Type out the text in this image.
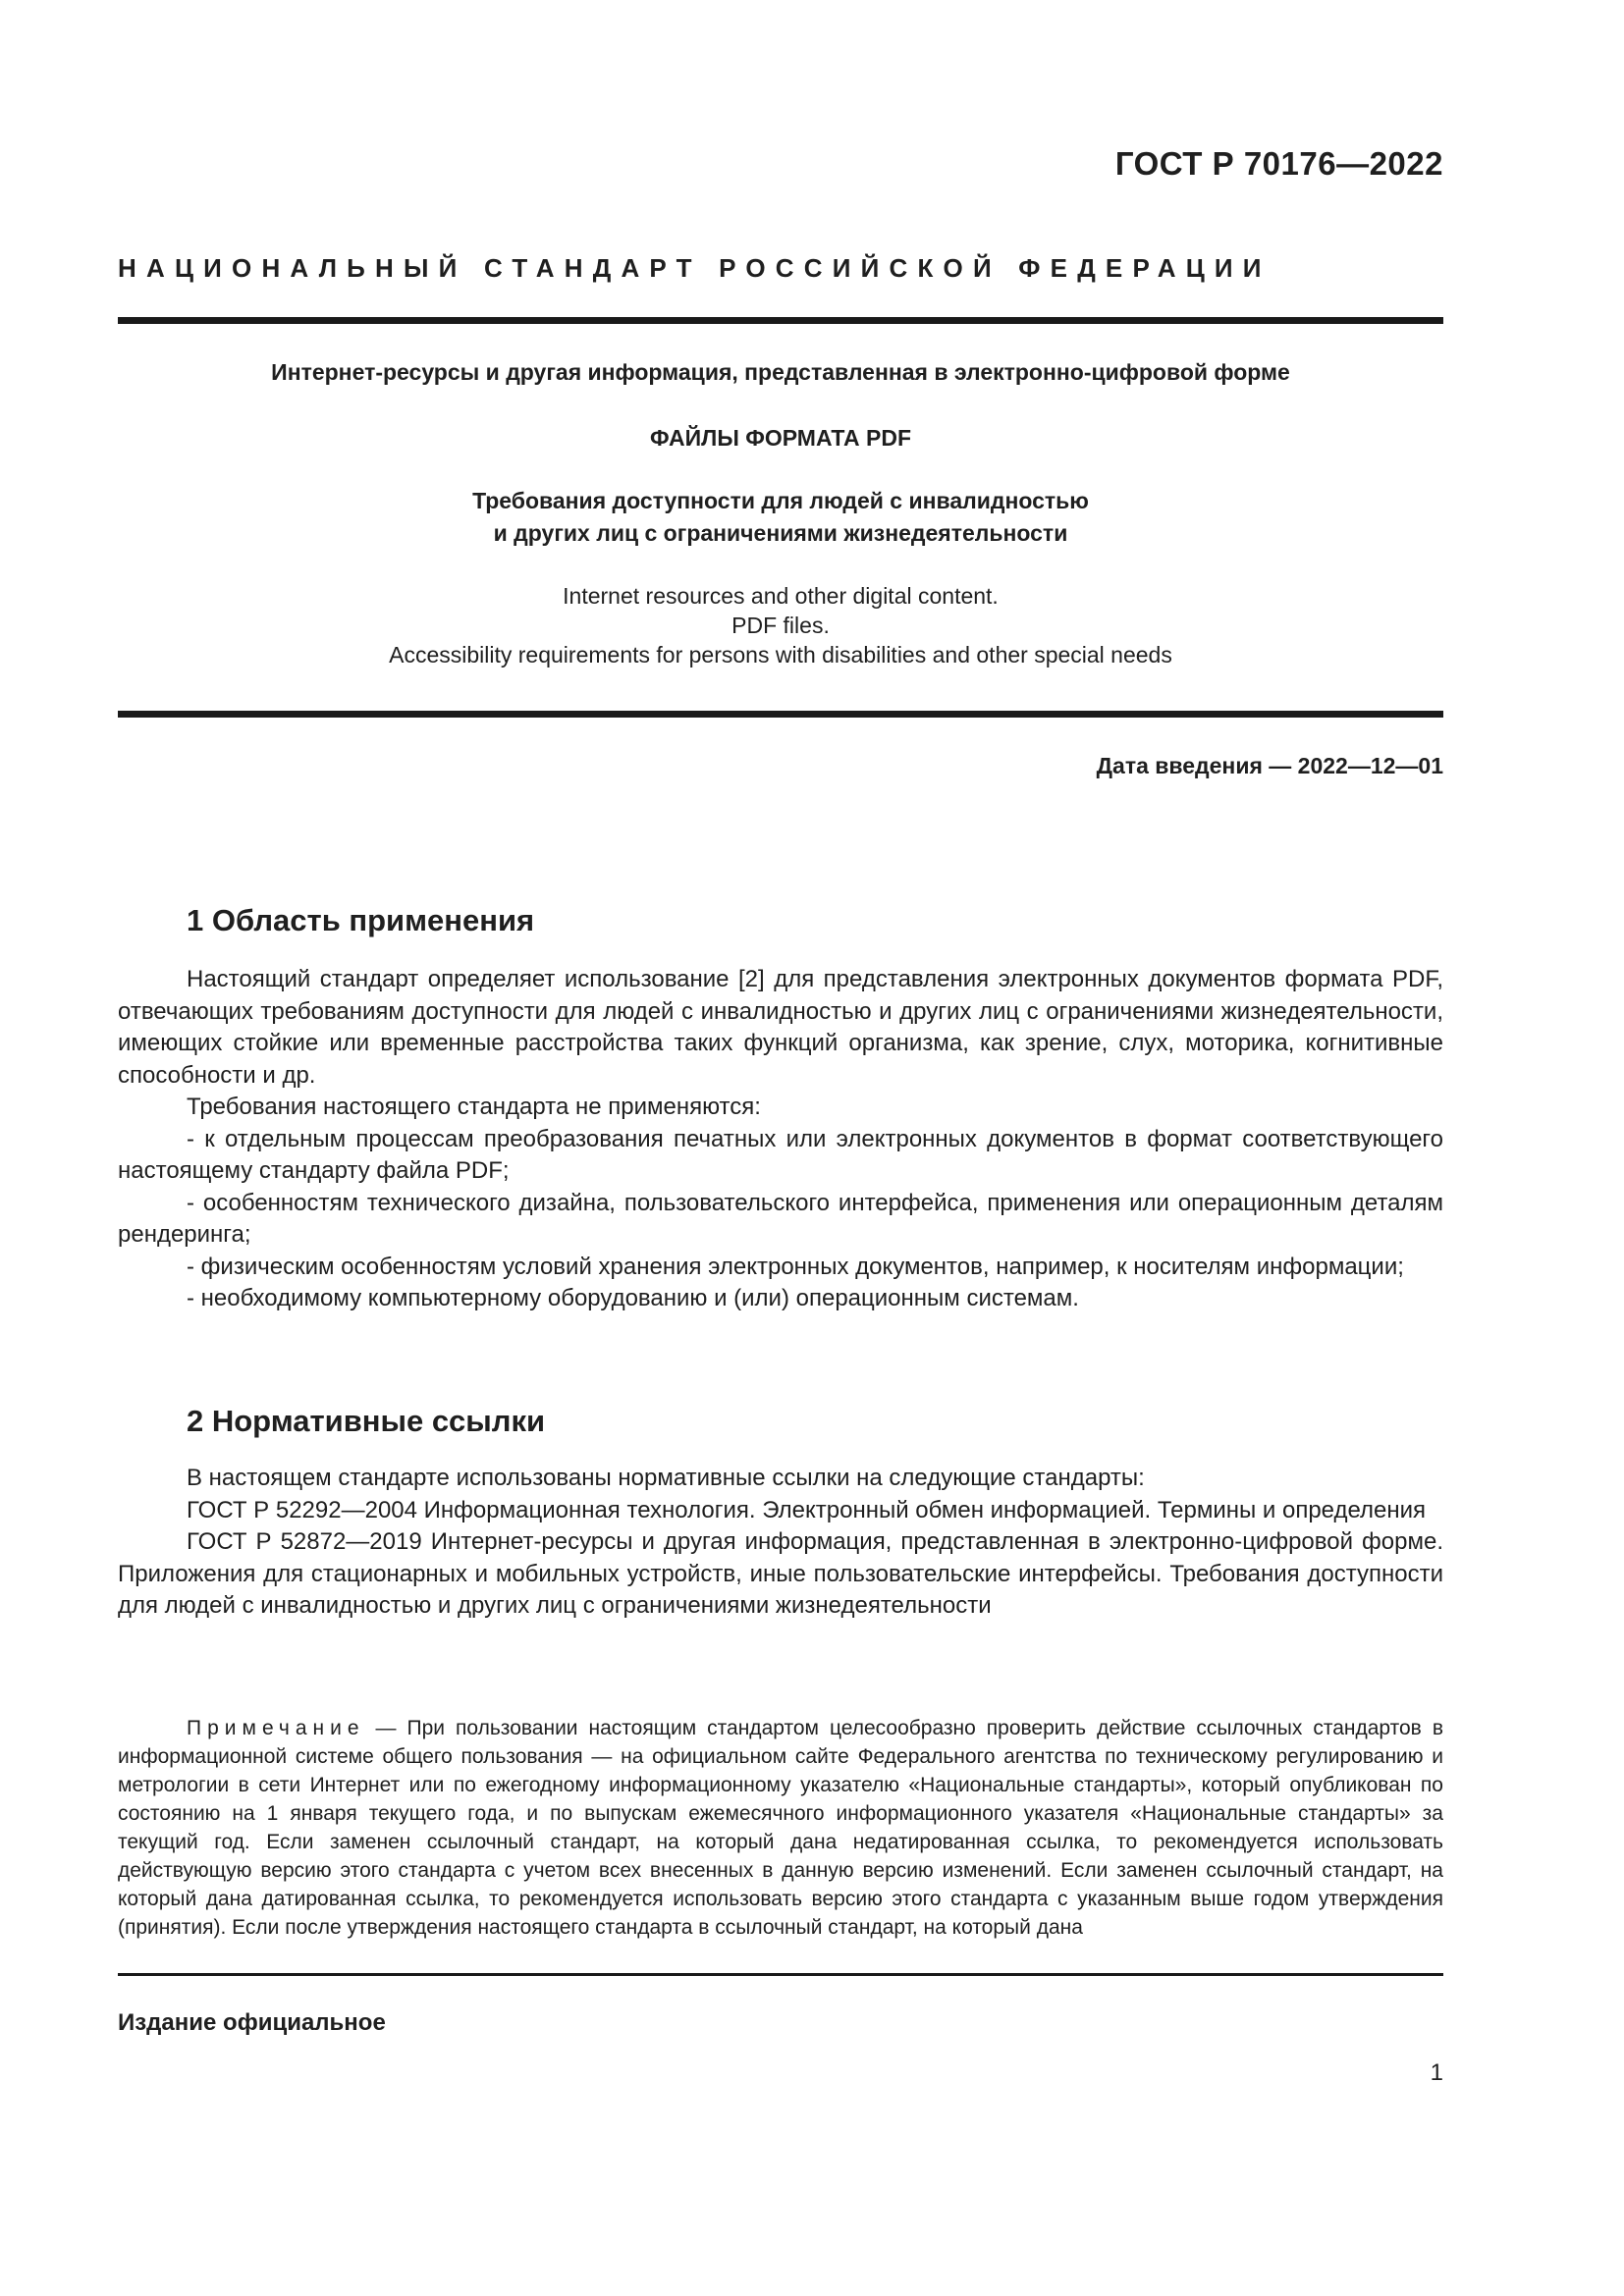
ГОСТ Р 70176—2022

НАЦИОНАЛЬНЫЙ СТАНДАРТ РОССИЙСКОЙ ФЕДЕРАЦИИ

Интернет-ресурсы и другая информация, представленная в электронно-цифровой форме

ФАЙЛЫ ФОРМАТА PDF

Требования доступности для людей с инвалидностью

и других лиц с ограничениями жизнедеятельности

Internet resources and other digital content.

PDF files.

Accessibility requirements for persons with disabilities and other special needs

Дата введения — 2022—12—01

1 Область применения

Настоящий стандарт определяет использование [2] для представления электронных документов формата PDF, отвечающих требованиям доступности для людей с инвалидностью и других лиц с ограничениями жизнедеятельности, имеющих стойкие или временные расстройства таких функций организма, как зрение, слух, моторика, когнитивные способности и др.

Требования настоящего стандарта не применяются:

- к отдельным процессам преобразования печатных или электронных документов в формат соответствующего настоящему стандарту файла PDF;

- особенностям технического дизайна, пользовательского интерфейса, применения или операционным деталям рендеринга;

- физическим особенностям условий хранения электронных документов, например, к носителям информации;

- необходимому компьютерному оборудованию и (или) операционным системам.

2 Нормативные ссылки

В настоящем стандарте использованы нормативные ссылки на следующие стандарты:

ГОСТ Р 52292—2004 Информационная технология. Электронный обмен информацией. Термины и определения

ГОСТ Р 52872—2019 Интернет-ресурсы и другая информация, представленная в электронно-цифровой форме. Приложения для стационарных и мобильных устройств, иные пользовательские интерфейсы. Требования доступности для людей с инвалидностью и других лиц с ограничениями жизнедеятельности

Примечание — При пользовании настоящим стандартом целесообразно проверить действие ссылочных стандартов в информационной системе общего пользования — на официальном сайте Федерального агентства по техническому регулированию и метрологии в сети Интернет или по ежегодному информационному указателю «Национальные стандарты», который опубликован по состоянию на 1 января текущего года, и по выпускам ежемесячного информационного указателя «Национальные стандарты» за текущий год. Если заменен ссылочный стандарт, на который дана недатированная ссылка, то рекомендуется использовать действующую версию этого стандарта с учетом всех внесенных в данную версию изменений. Если заменен ссылочный стандарт, на который дана датированная ссылка, то рекомендуется использовать версию этого стандарта с указанным выше годом утверждения (принятия). Если после утверждения настоящего стандарта в ссылочный стандарт, на который дана

Издание официальное

1
